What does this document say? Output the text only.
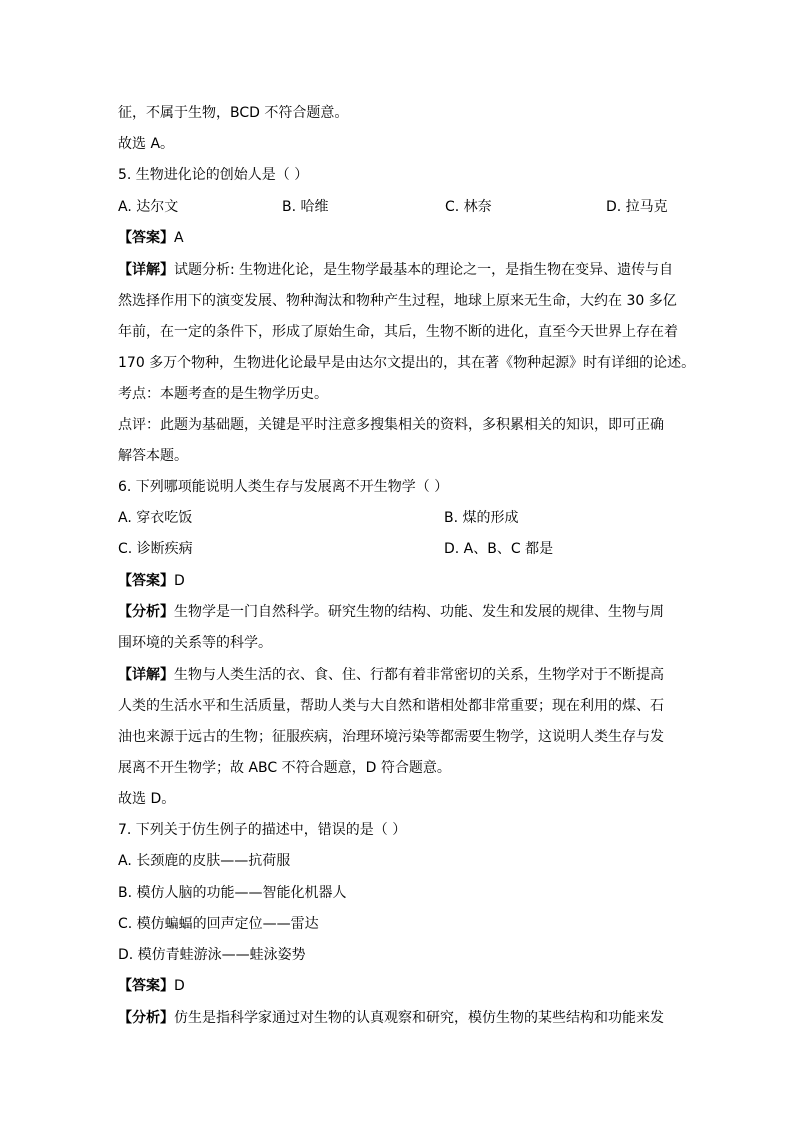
征，不属于生物，BCD 不符合题意。
故选 A。
5. 生物进化论的创始人是（ ）
A. 达尔文	B. 哈维	C. 林奈	D. 拉马克
【答案】A
【详解】试题分析: 生物进化论，是生物学最基本的理论之一，是指生物在变异、遗传与自
然选择作用下的演变发展、物种淘汰和物种产生过程，地球上原来无生命，大约在 30 多亿
年前，在一定的条件下，形成了原始生命，其后，生物不断的进化，直至今天世界上存在着
170 多万个物种，生物进化论最早是由达尔文提出的，其在著《物种起源》时有详细的论述。
考点：本题考查的是生物学历史。
点评：此题为基础题，关键是平时注意多搜集相关的资料，多积累相关的知识，即可正确
解答本题。
6. 下列哪项能说明人类生存与发展离不开生物学（ ）
A. 穿衣吃饭	B. 煤的形成
C. 诊断疾病	D. A、B、C 都是
【答案】D
【分析】生物学是一门自然科学。研究生物的结构、功能、发生和发展的规律、生物与周
围环境的关系等的科学。
【详解】生物与人类生活的衣、食、住、行都有着非常密切的关系，生物学对于不断提高
人类的生活水平和生活质量，帮助人类与大自然和谐相处都非常重要；现在利用的煤、石
油也来源于远古的生物；征服疾病，治理环境污染等都需要生物学，这说明人类生存与发
展离不开生物学；故 ABC 不符合题意，D 符合题意。
故选 D。
7. 下列关于仿生例子的描述中，错误的是（ ）
A. 长颈鹿的皮肤——抗荷服
B. 模仿人脑的功能——智能化机器人
C. 模仿蝙蝠的回声定位——雷达
D. 模仿青蛙游泳——蛙泳姿势
【答案】D
【分析】仿生是指科学家通过对生物的认真观察和研究，模仿生物的某些结构和功能来发
